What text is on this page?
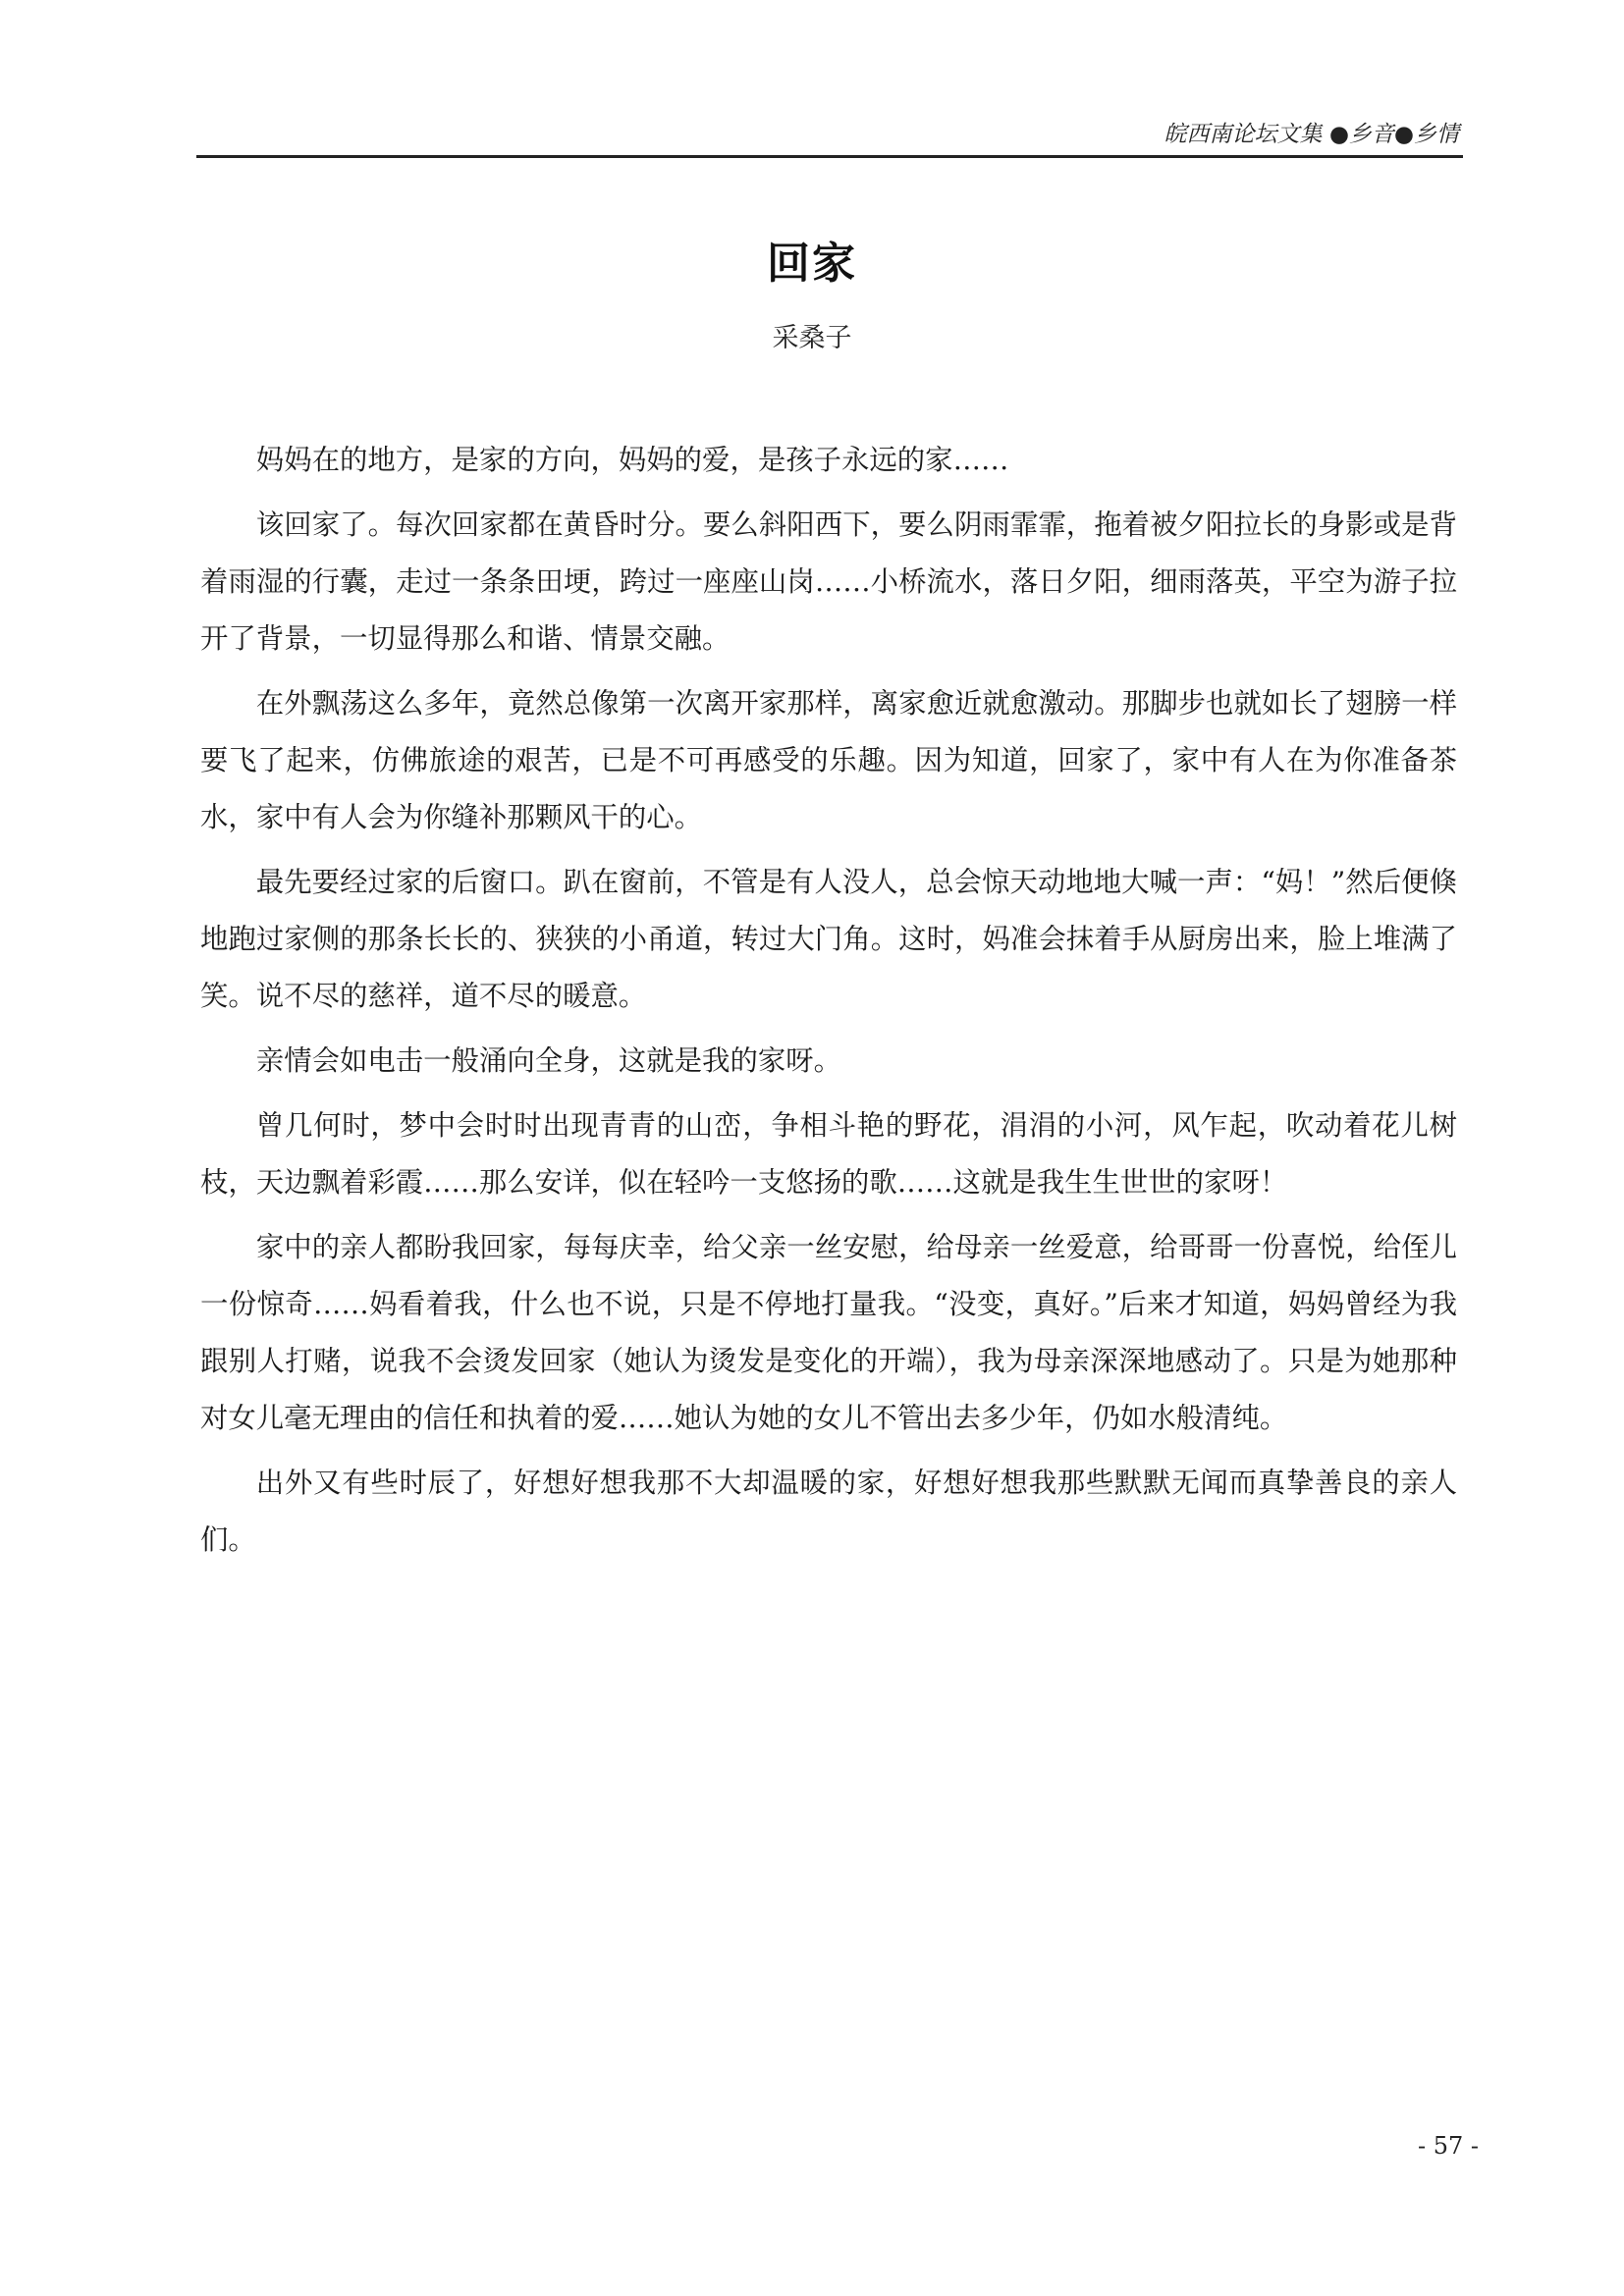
皖西南论坛文集 ●乡音●乡情
回家
采桑子

妈妈在的地方，是家的方向，妈妈的爱，是孩子永远的家……

该回家了。每次回家都在黄昏时分。要么斜阳西下，要么阴雨霏霏，拖着被夕阳拉长的身影或是背着雨湿的行囊，走过一条条田埂，跨过一座座山岗……小桥流水，落日夕阳，细雨落英，平空为游子拉开了背景，一切显得那么和谐、情景交融。

在外飘荡这么多年，竟然总像第一次离开家那样，离家愈近就愈激动。那脚步也就如长了翅膀一样要飞了起来，仿佛旅途的艰苦，已是不可再感受的乐趣。因为知道，回家了，家中有人在为你准备茶水，家中有人会为你缝补那颗风干的心。

最先要经过家的后窗口。趴在窗前，不管是有人没人，总会惊天动地地大喊一声：“妈！”然后便倏地跑过家侧的那条长长的、狭狭的小甬道，转过大门角。这时，妈准会抹着手从厨房出来，脸上堆满了笑。说不尽的慈祥，道不尽的暖意。

亲情会如电击一般涌向全身，这就是我的家呀。

曾几何时，梦中会时时出现青青的山峦，争相斗艳的野花，涓涓的小河，风乍起，吹动着花儿树枝，天边飘着彩霞……那么安详，似在轻吟一支悠扬的歌……这就是我生生世世的家呀！

家中的亲人都盼我回家，每每庆幸，给父亲一丝安慰，给母亲一丝爱意，给哥哥一份喜悦，给侄儿一份惊奇……妈看着我，什么也不说，只是不停地打量我。“没变，真好。”后来才知道，妈妈曾经为我跟别人打赌，说我不会烫发回家（她认为烫发是变化的开端），我为母亲深深地感动了。只是为她那种对女儿毫无理由的信任和执着的爱……她认为她的女儿不管出去多少年，仍如水般清纯。

出外又有些时辰了，好想好想我那不大却温暖的家，好想好想我那些默默无闻而真挚善良的亲人们。

- 57 -
